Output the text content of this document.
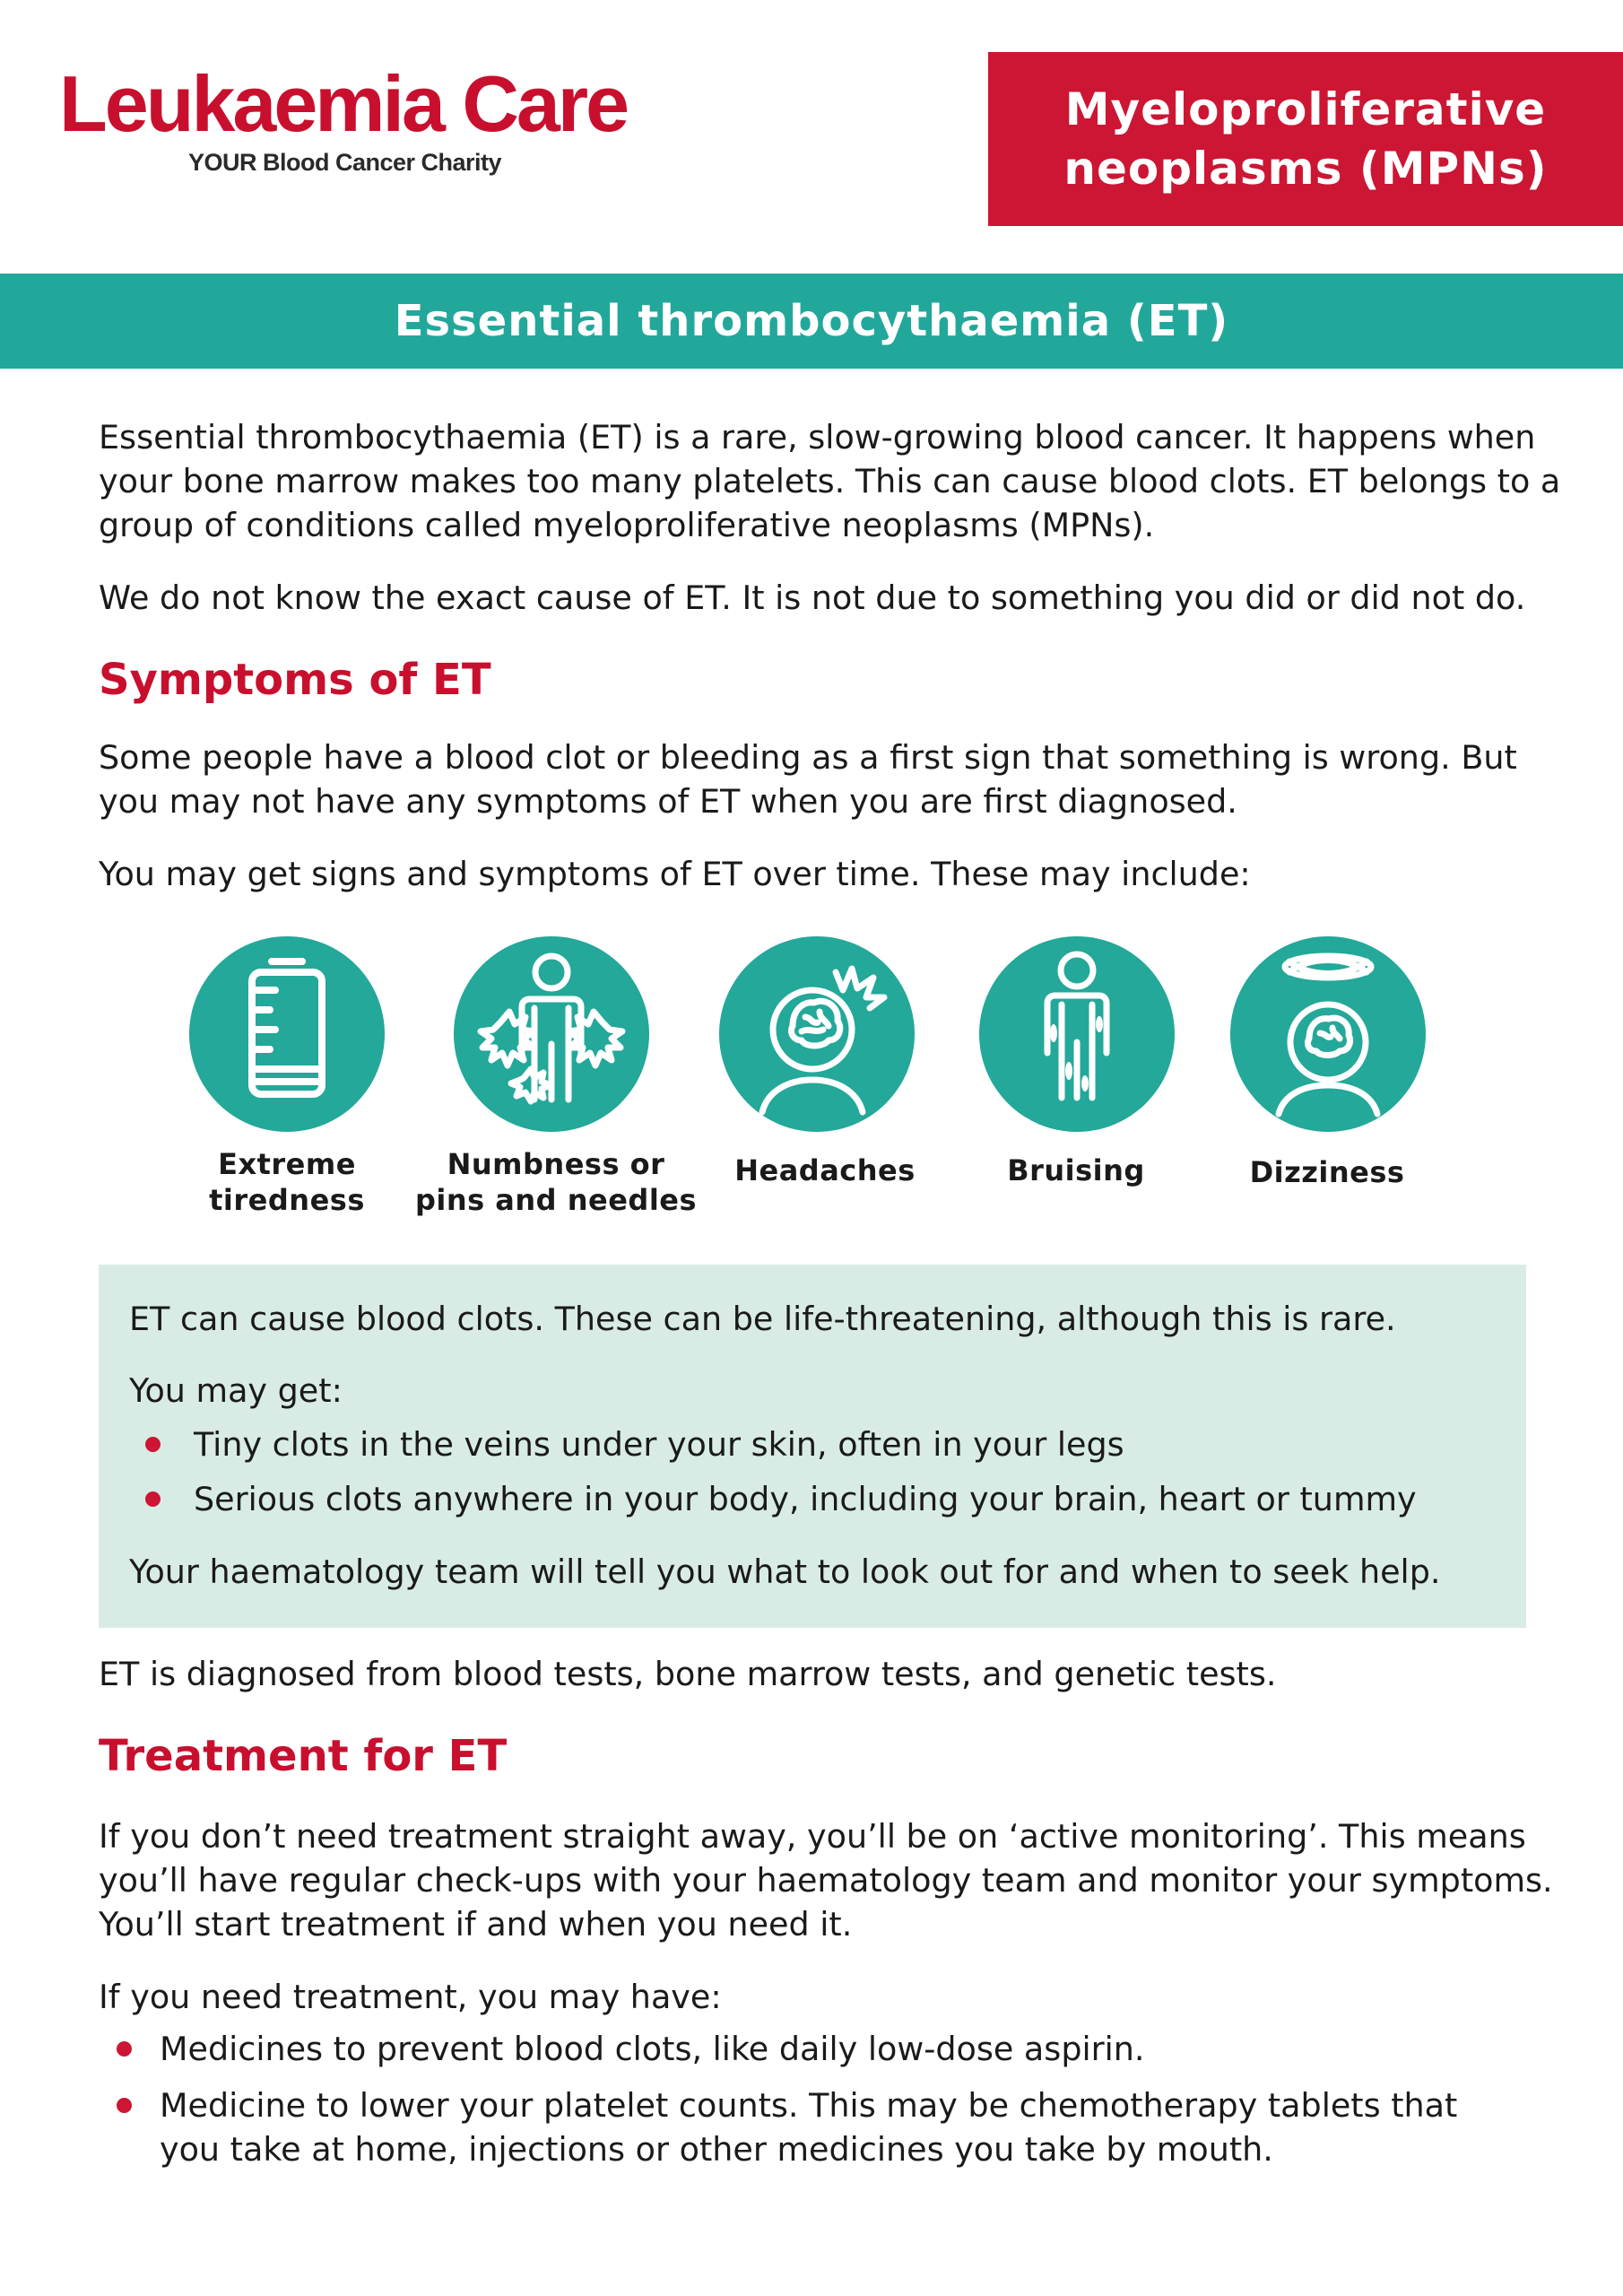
Leukaemia Care
YOUR Blood Cancer Charity
Myeloproliferative
neoplasms (MPNs)
Essential thrombocythaemia (ET)

Essential thrombocythaemia (ET) is a rare, slow-growing blood cancer. It happens when your bone marrow makes too many platelets. This can cause blood clots. ET belongs to a group of conditions called myeloproliferative neoplasms (MPNs).

We do not know the exact cause of ET. It is not due to something you did or did not do.

Symptoms of ET

Some people have a blood clot or bleeding as a first sign that something is wrong. But you may not have any symptoms of ET when you are first diagnosed.

You may get signs and symptoms of ET over time. These may include:

Extreme
tiredness
Numbness or
pins and needles
Headaches	Bruising	Dizziness

ET can cause blood clots. These can be life-threatening, although this is rare.

You may get:

Tiny clots in the veins under your skin, often in your legs

Serious clots anywhere in your body, including your brain, heart or tummy

Your haematology team will tell you what to look out for and when to seek help.

ET is diagnosed from blood tests, bone marrow tests, and genetic tests.

Treatment for ET

If you don’t need treatment straight away, you’ll be on ‘active monitoring’. This means you’ll have regular check-ups with your haematology team and monitor your symptoms. You’ll start treatment if and when you need it.

If you need treatment, you may have:

Medicines to prevent blood clots, like daily low-dose aspirin.

Medicine to lower your platelet counts. This may be chemotherapy tablets that you take at home, injections or other medicines you take by mouth.
